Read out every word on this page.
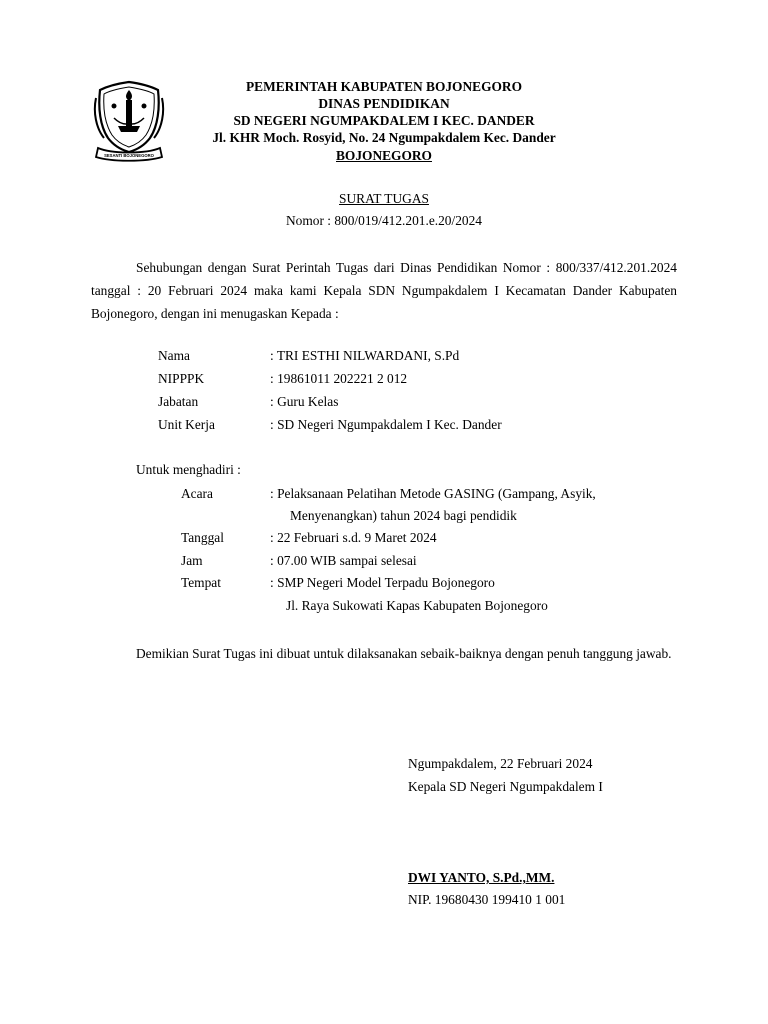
SESANTI BOJONEGORO
PEMERINTAH KABUPATEN BOJONEGORO
DINAS PENDIDIKAN
SD NEGERI NGUMPAKDALEM I KEC. DANDER
Jl. KHR Moch. Rosyid, No. 24 Ngumpakdalem Kec. Dander
BOJONEGORO
SURAT TUGAS
Nomor : 800/019/412.201.e.20/2024
Sehubungan dengan Surat Perintah Tugas dari Dinas Pendidikan Nomor : 800/337/412.201.2024 tanggal : 20 Februari 2024 maka kami Kepala SDN Ngumpakdalem I Kecamatan Dander Kabupaten Bojonegoro, dengan ini menugaskan Kepada :
Nama	: TRI ESTHI NILWARDANI, S.Pd
NIPPPK	: 19861011 202221 2 012
Jabatan	: Guru Kelas
Unit Kerja	: SD Negeri Ngumpakdalem I Kec. Dander
Untuk menghadiri :
Acara	: Pelaksanaan Pelatihan Metode GASING (Gampang, Asyik,
Menyenangkan) tahun 2024 bagi pendidik
Tanggal	: 22 Februari s.d. 9 Maret 2024
Jam	: 07.00 WIB sampai selesai
Tempat	: SMP Negeri Model Terpadu Bojonegoro
Jl. Raya Sukowati Kapas Kabupaten Bojonegoro
Demikian Surat Tugas ini dibuat untuk dilaksanakan sebaik-baiknya dengan penuh tanggung jawab.
Ngumpakdalem, 22 Februari 2024
Kepala SD Negeri Ngumpakdalem I
DWI YANTO, S.Pd.,MM.
NIP. 19680430 199410 1 001
